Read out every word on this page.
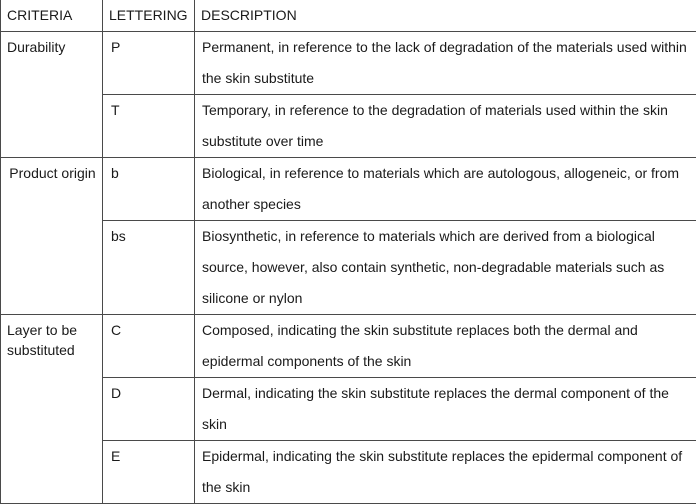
CRITERIA	LETTERING	DESCRIPTION
Durability	P	Permanent, in reference to the lack of degradation of the materials used within the skin substitute
	T	Temporary, in reference to the degradation of materials used within the skin substitute over time
Product origin	b	Biological, in reference to materials which are autologous, allogeneic, or from another species
	bs	Biosynthetic, in reference to materials which are derived from a biological source, however, also contain synthetic, non-degradable materials such as silicone or nylon
Layer to be substituted	C	Composed, indicating the skin substitute replaces both the dermal and epidermal components of the skin
	D	Dermal, indicating the skin substitute replaces the dermal component of the skin
	E	Epidermal, indicating the skin substitute replaces the epidermal component of the skin
